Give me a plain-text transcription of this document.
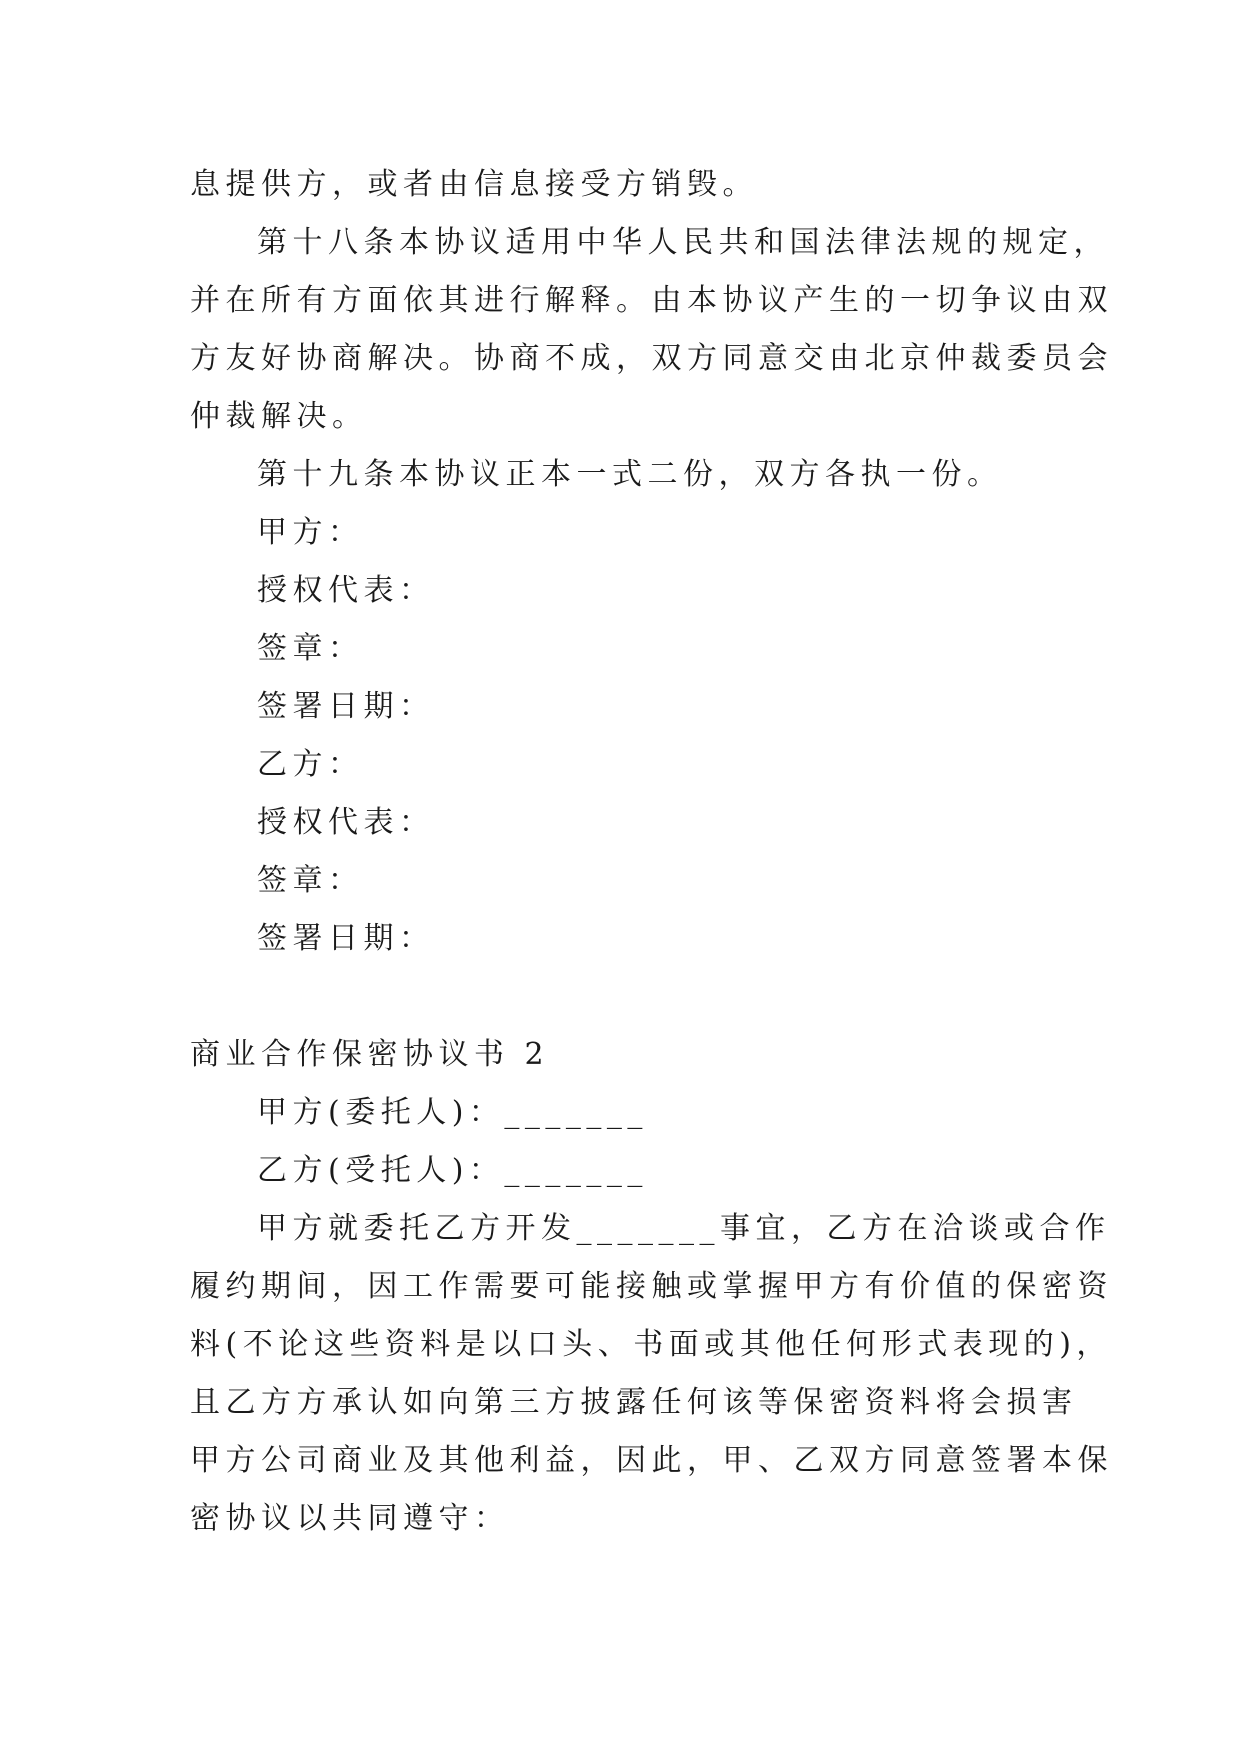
息提供方，或者由信息接受方销毁。
第十八条本协议适用中华人民共和国法律法规的规定，
并在所有方面依其进行解释。由本协议产生的一切争议由双
方友好协商解决。协商不成，双方同意交由北京仲裁委员会
仲裁解决。
第十九条本协议正本一式二份，双方各执一份。
甲方：
授权代表：
签章：
签署日期：
乙方：
授权代表：
签章：
签署日期：
商业合作保密协议书 2
甲方(委托人)：_______
乙方(受托人)：_______
甲方就委托乙方开发_______事宜，乙方在洽谈或合作
履约期间，因工作需要可能接触或掌握甲方有价值的保密资
料(不论这些资料是以口头、书面或其他任何形式表现的)，
且乙方方承认如向第三方披露任何该等保密资料将会损害
甲方公司商业及其他利益，因此，甲、乙双方同意签署本保
密协议以共同遵守：
